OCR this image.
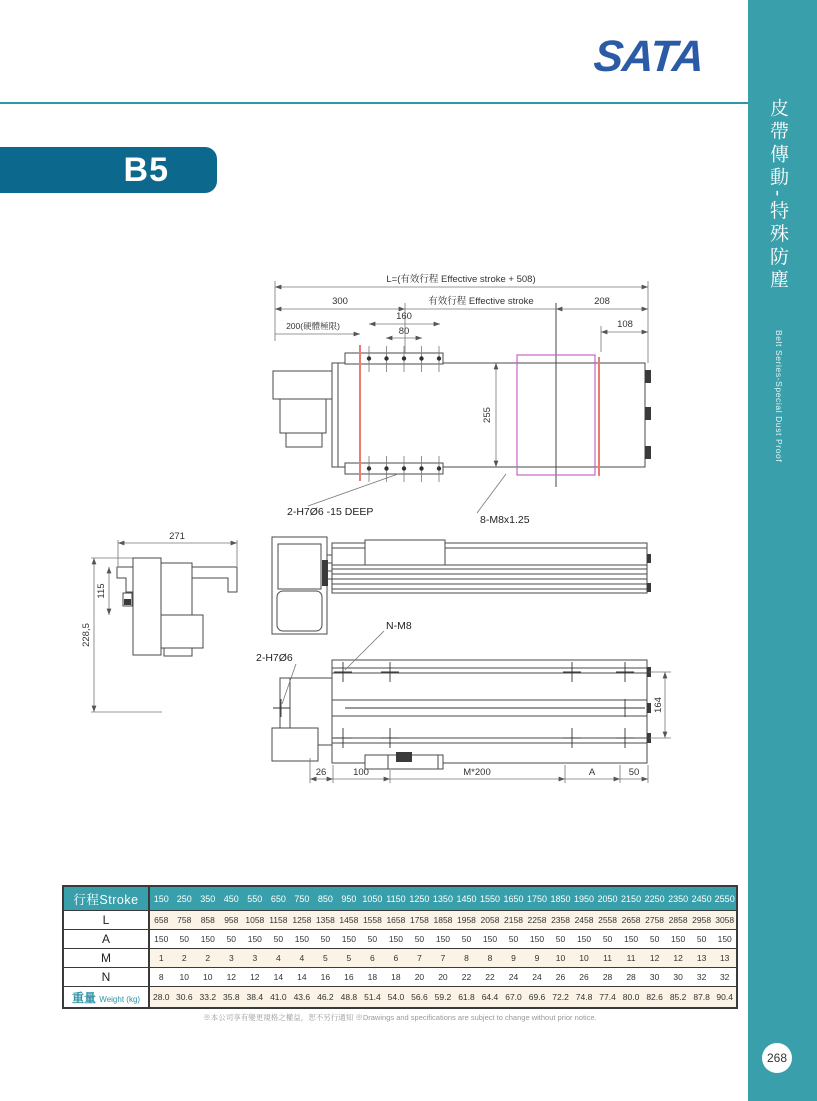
SATA
B5	皮帶傳動-特殊防塵
Belt Series-Special Dust Proof
268
L=(有效行程 Effective stroke + 508)
300	有效行程 Effective stroke	208
200(硬體極限)
160
80
108
255
2-H7Ø6 -15 DEEP
8-M8x1.25
271
228,5
115
N-M8
2-H7Ø6
164
26	100	M*200	A	50
行程Stroke	150	250	350	450	550	650	750	850	950	1050	1150	1250	1350	1450	1550	1650	1750	1850	1950	2050	2150	2250	2350	2450	2550
L	658	758	858	958	1058	1158	1258	1358	1458	1558	1658	1758	1858	1958	2058	2158	2258	2358	2458	2558	2658	2758	2858	2958	3058
A	150	50	150	50	150	50	150	50	150	50	150	50	150	50	150	50	150	50	150	50	150	50	150	50	150
M	1	2	2	3	3	4	4	5	5	6	6	7	7	8	8	9	9	10	10	11	11	12	12	13	13
N	8	10	10	12	12	14	14	16	16	18	18	20	20	22	22	24	24	26	26	28	28	30	30	32	32
重量 Weight (kg)	28.0	30.6	33.2	35.8	38.4	41.0	43.6	46.2	48.8	51.4	54.0	56.6	59.2	61.8	64.4	67.0	69.6	72.2	74.8	77.4	80.0	82.6	85.2	87.8	90.4
※本公司享有變更規格之權益，恕不另行通知 ※Drawings and specifications are subject to change without prior notice.
